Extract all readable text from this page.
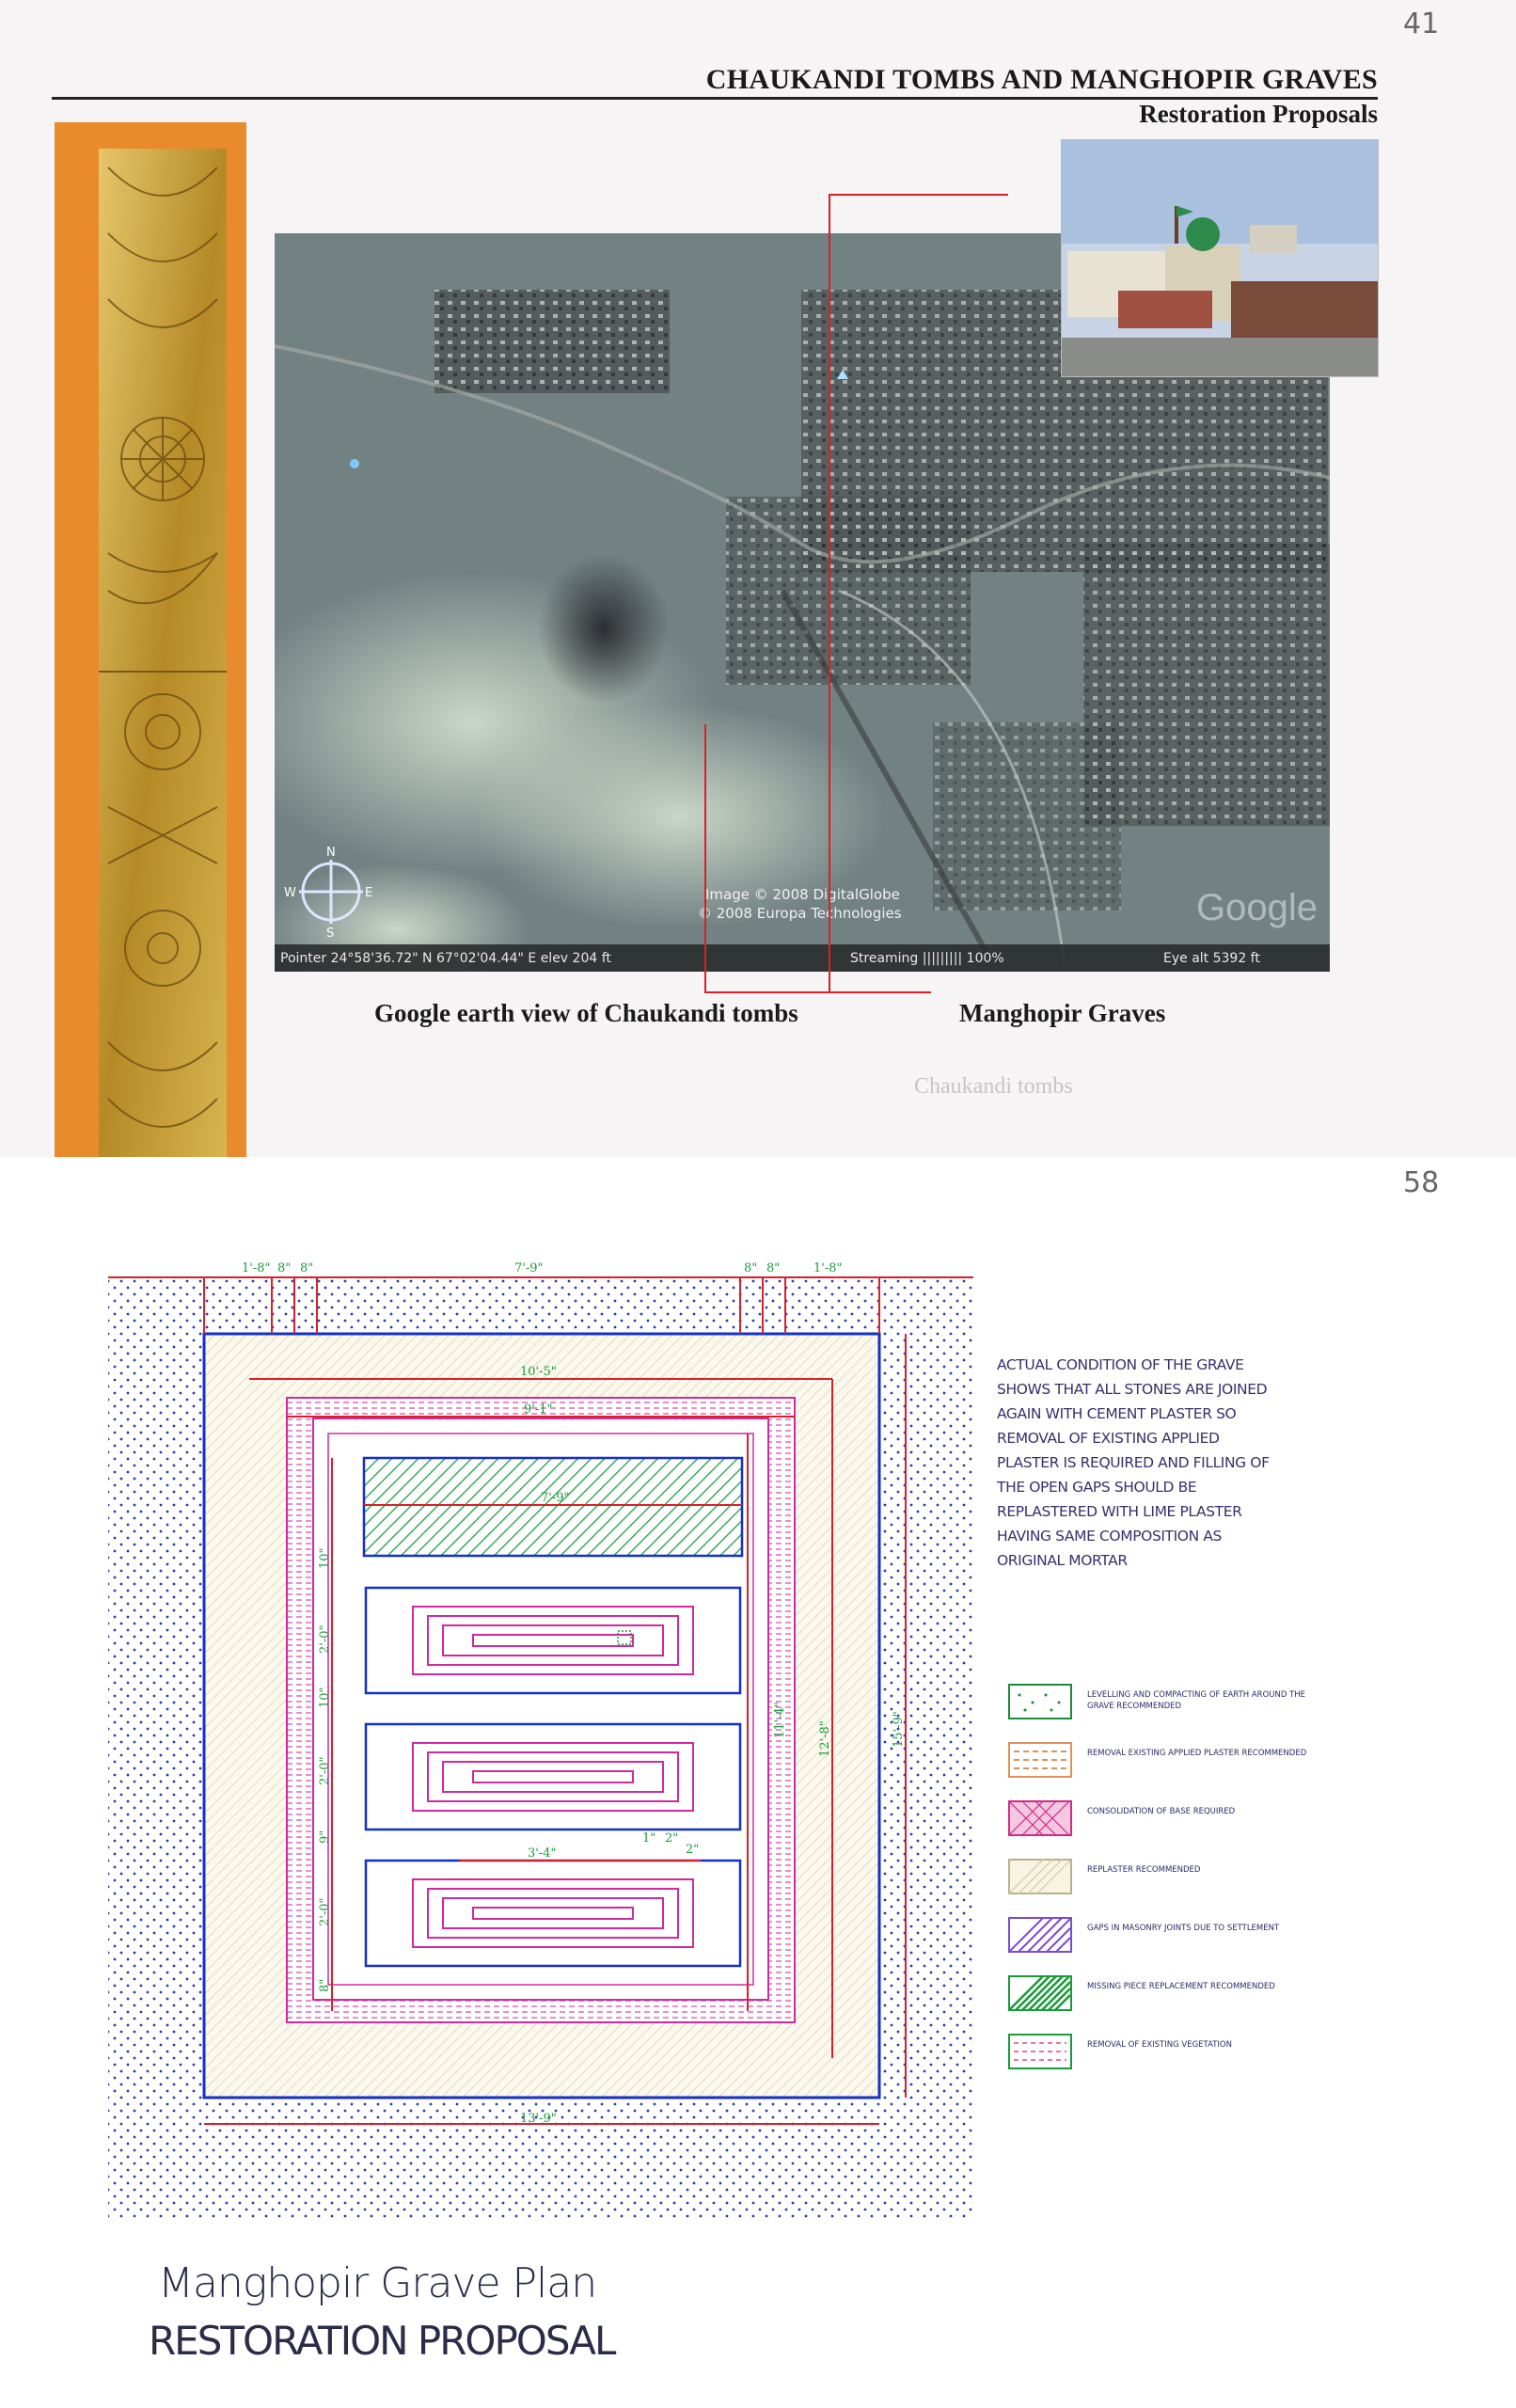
41
CHAUKANDI TOMBS AND MANGHOPIR GRAVES
Restoration Proposals
Pointer 24°58'36.72" N 67°02'04.44" E elev 204 ft	Streaming ||||||||| 100%	Eye alt 5392 ft
Image © 2008 DigitalGlobe
© 2008 Europa Technologies	Google
N
S
E
W
Google earth view of Chaukandi tombs	Manghopir Graves
Chaukandi tombs
58
1'-8" 8" 8"	7'-9"	8" 8"	1'-8"
13'-9"
10'-5"
9'-1"
7'-9"
3'-4"
1" 2"
2"
10"
2'-0"
10"
2'-0"
9"
2'-0"
8"
11'-4"
12'-8"	15'-9"
ACTUAL CONDITION OF THE GRAVE
SHOWS THAT ALL STONES ARE JOINED
AGAIN WITH CEMENT PLASTER SO
REMOVAL OF EXISTING APPLIED
PLASTER IS REQUIRED AND FILLING OF
THE OPEN GAPS SHOULD BE
REPLASTERED WITH LIME PLASTER
HAVING SAME COMPOSITION AS
ORIGINAL MORTAR
LEVELLING AND COMPACTING OF EARTH AROUND THE GRAVE RECOMMENDED
REMOVAL EXISTING APPLIED PLASTER RECOMMENDED
CONSOLIDATION OF BASE REQUIRED
REPLASTER RECOMMENDED
GAPS IN MASONRY JOINTS DUE TO SETTLEMENT
MISSING PIECE REPLACEMENT RECOMMENDED
REMOVAL OF EXISTING VEGETATION
Manghopir Grave Plan
RESTORATION PROPOSAL
